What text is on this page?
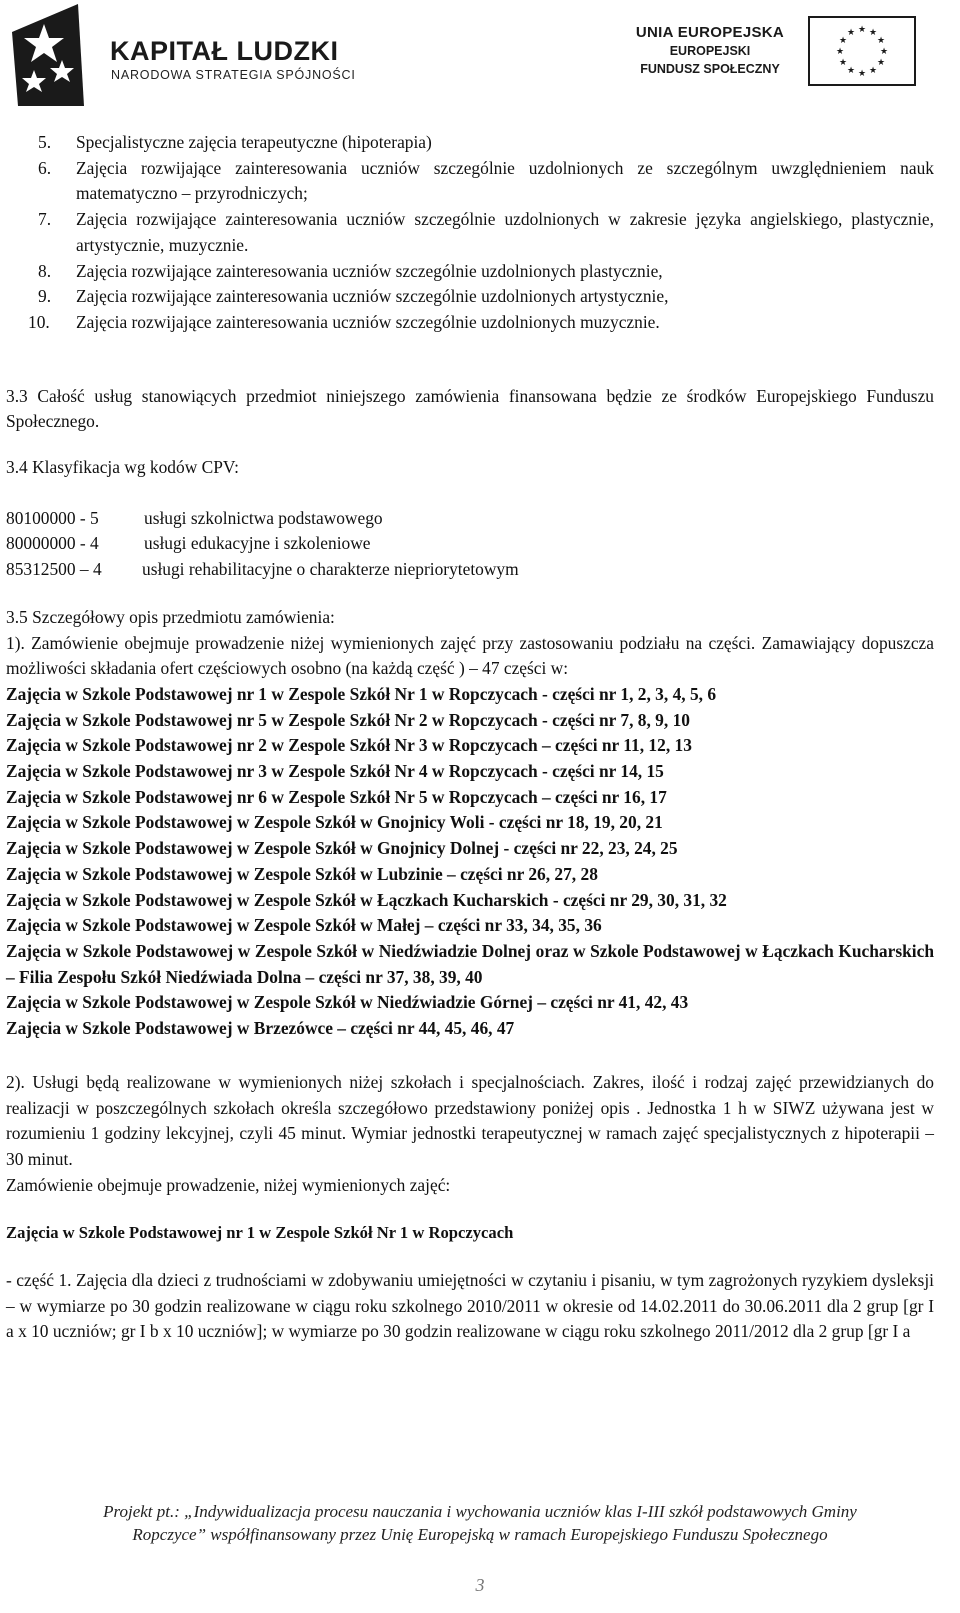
KAPITAŁ LUDZKI
NARODOWA STRATEGIA SPÓJNOŚCI
UNIA EUROPEJSKA
EUROPEJSKI
FUNDUSZ SPOŁECZNY
★ ★
★
★
★
★
★
★
★
★
★
★
5. Specjalistyczne zajęcia terapeutyczne (hipoterapia)
6. Zajęcia rozwijające zainteresowania uczniów szczególnie uzdolnionych ze szczególnym uwzględnieniem nauk matematyczno – przyrodniczych;
7. Zajęcia rozwijające zainteresowania uczniów szczególnie uzdolnionych w zakresie języka angielskiego, plastycznie, artystycznie, muzycznie.
8. Zajęcia rozwijające zainteresowania uczniów szczególnie uzdolnionych plastycznie,
9. Zajęcia rozwijające zainteresowania uczniów szczególnie uzdolnionych artystycznie,
10. Zajęcia rozwijające zainteresowania uczniów szczególnie uzdolnionych muzycznie.

3.3 Całość usług stanowiących przedmiot niniejszego zamówienia finansowana będzie ze środków Europejskiego Funduszu Społecznego.

3.4 Klasyfikacja wg kodów CPV:

80100000 - 5	usługi szkolnictwa podstawowego
80000000 - 4	usługi edukacyjne i szkoleniowe
85312500 – 4	usługi rehabilitacyjne o charakterze niepriorytetowym

3.5 Szczegółowy opis przedmiotu zamówienia:

1). Zamówienie obejmuje prowadzenie niżej wymienionych zajęć przy zastosowaniu podziału na części. Zamawiający dopuszcza możliwości składania ofert częściowych osobno (na każdą część ) – 47 części w:

Zajęcia w Szkole Podstawowej nr 1 w Zespole Szkół Nr 1 w Ropczycach - części nr 1, 2, 3, 4, 5, 6

Zajęcia w Szkole Podstawowej nr 5 w Zespole Szkół Nr 2 w Ropczycach - części nr 7, 8, 9, 10

Zajęcia w Szkole Podstawowej nr 2 w Zespole Szkół Nr 3 w Ropczycach – części nr 11, 12, 13

Zajęcia w Szkole Podstawowej nr 3 w Zespole Szkół Nr 4 w Ropczycach - części nr 14, 15

Zajęcia w Szkole Podstawowej nr 6 w Zespole Szkół Nr 5 w Ropczycach – części nr 16, 17

Zajęcia w Szkole Podstawowej w Zespole Szkół w Gnojnicy Woli - części nr 18, 19, 20, 21

Zajęcia w Szkole Podstawowej w Zespole Szkół w Gnojnicy Dolnej - części nr 22, 23, 24, 25

Zajęcia w Szkole Podstawowej w Zespole Szkół w Lubzinie – części nr 26, 27, 28

Zajęcia w Szkole Podstawowej w Zespole Szkół w Łączkach Kucharskich - części nr 29, 30, 31, 32

Zajęcia w Szkole Podstawowej w Zespole Szkół w Małej – części nr 33, 34, 35, 36

Zajęcia w Szkole Podstawowej w Zespole Szkół w Niedźwiadzie Dolnej oraz w Szkole Podstawowej w Łączkach Kucharskich – Filia Zespołu Szkół Niedźwiada Dolna – części nr 37, 38, 39, 40

Zajęcia w Szkole Podstawowej w Zespole Szkół w Niedźwiadzie Górnej – części nr 41, 42, 43

Zajęcia w Szkole Podstawowej w Brzezówce – części nr 44, 45, 46, 47

2). Usługi będą realizowane w wymienionych niżej szkołach i specjalnościach. Zakres, ilość i rodzaj zajęć przewidzianych do realizacji w poszczególnych szkołach określa szczegółowo przedstawiony poniżej opis . Jednostka 1 h w SIWZ używana jest w rozumieniu 1 godziny lekcyjnej, czyli 45 minut. Wymiar jednostki terapeutycznej w ramach zajęć specjalistycznych z hipoterapii – 30 minut.

Zamówienie obejmuje prowadzenie, niżej wymienionych zajęć:

Zajęcia w Szkole Podstawowej nr 1 w Zespole Szkół Nr 1 w Ropczycach

- część 1. Zajęcia dla dzieci z trudnościami w zdobywaniu umiejętności w czytaniu i pisaniu, w tym zagrożonych ryzykiem dysleksji – w wymiarze po 30 godzin realizowane w ciągu roku szkolnego 2010/2011 w okresie od 14.02.2011 do 30.06.2011 dla 2 grup [gr I a x 10 uczniów; gr I b x 10 uczniów]; w wymiarze po 30 godzin realizowane w ciągu roku szkolnego 2011/2012 dla 2 grup [gr I a

Projekt pt.: „Indywidualizacja procesu nauczania i wychowania uczniów klas I-III szkół podstawowych Gminy
Ropczyce” współfinansowany przez Unię Europejską w ramach Europejskiego Funduszu Społecznego
3
